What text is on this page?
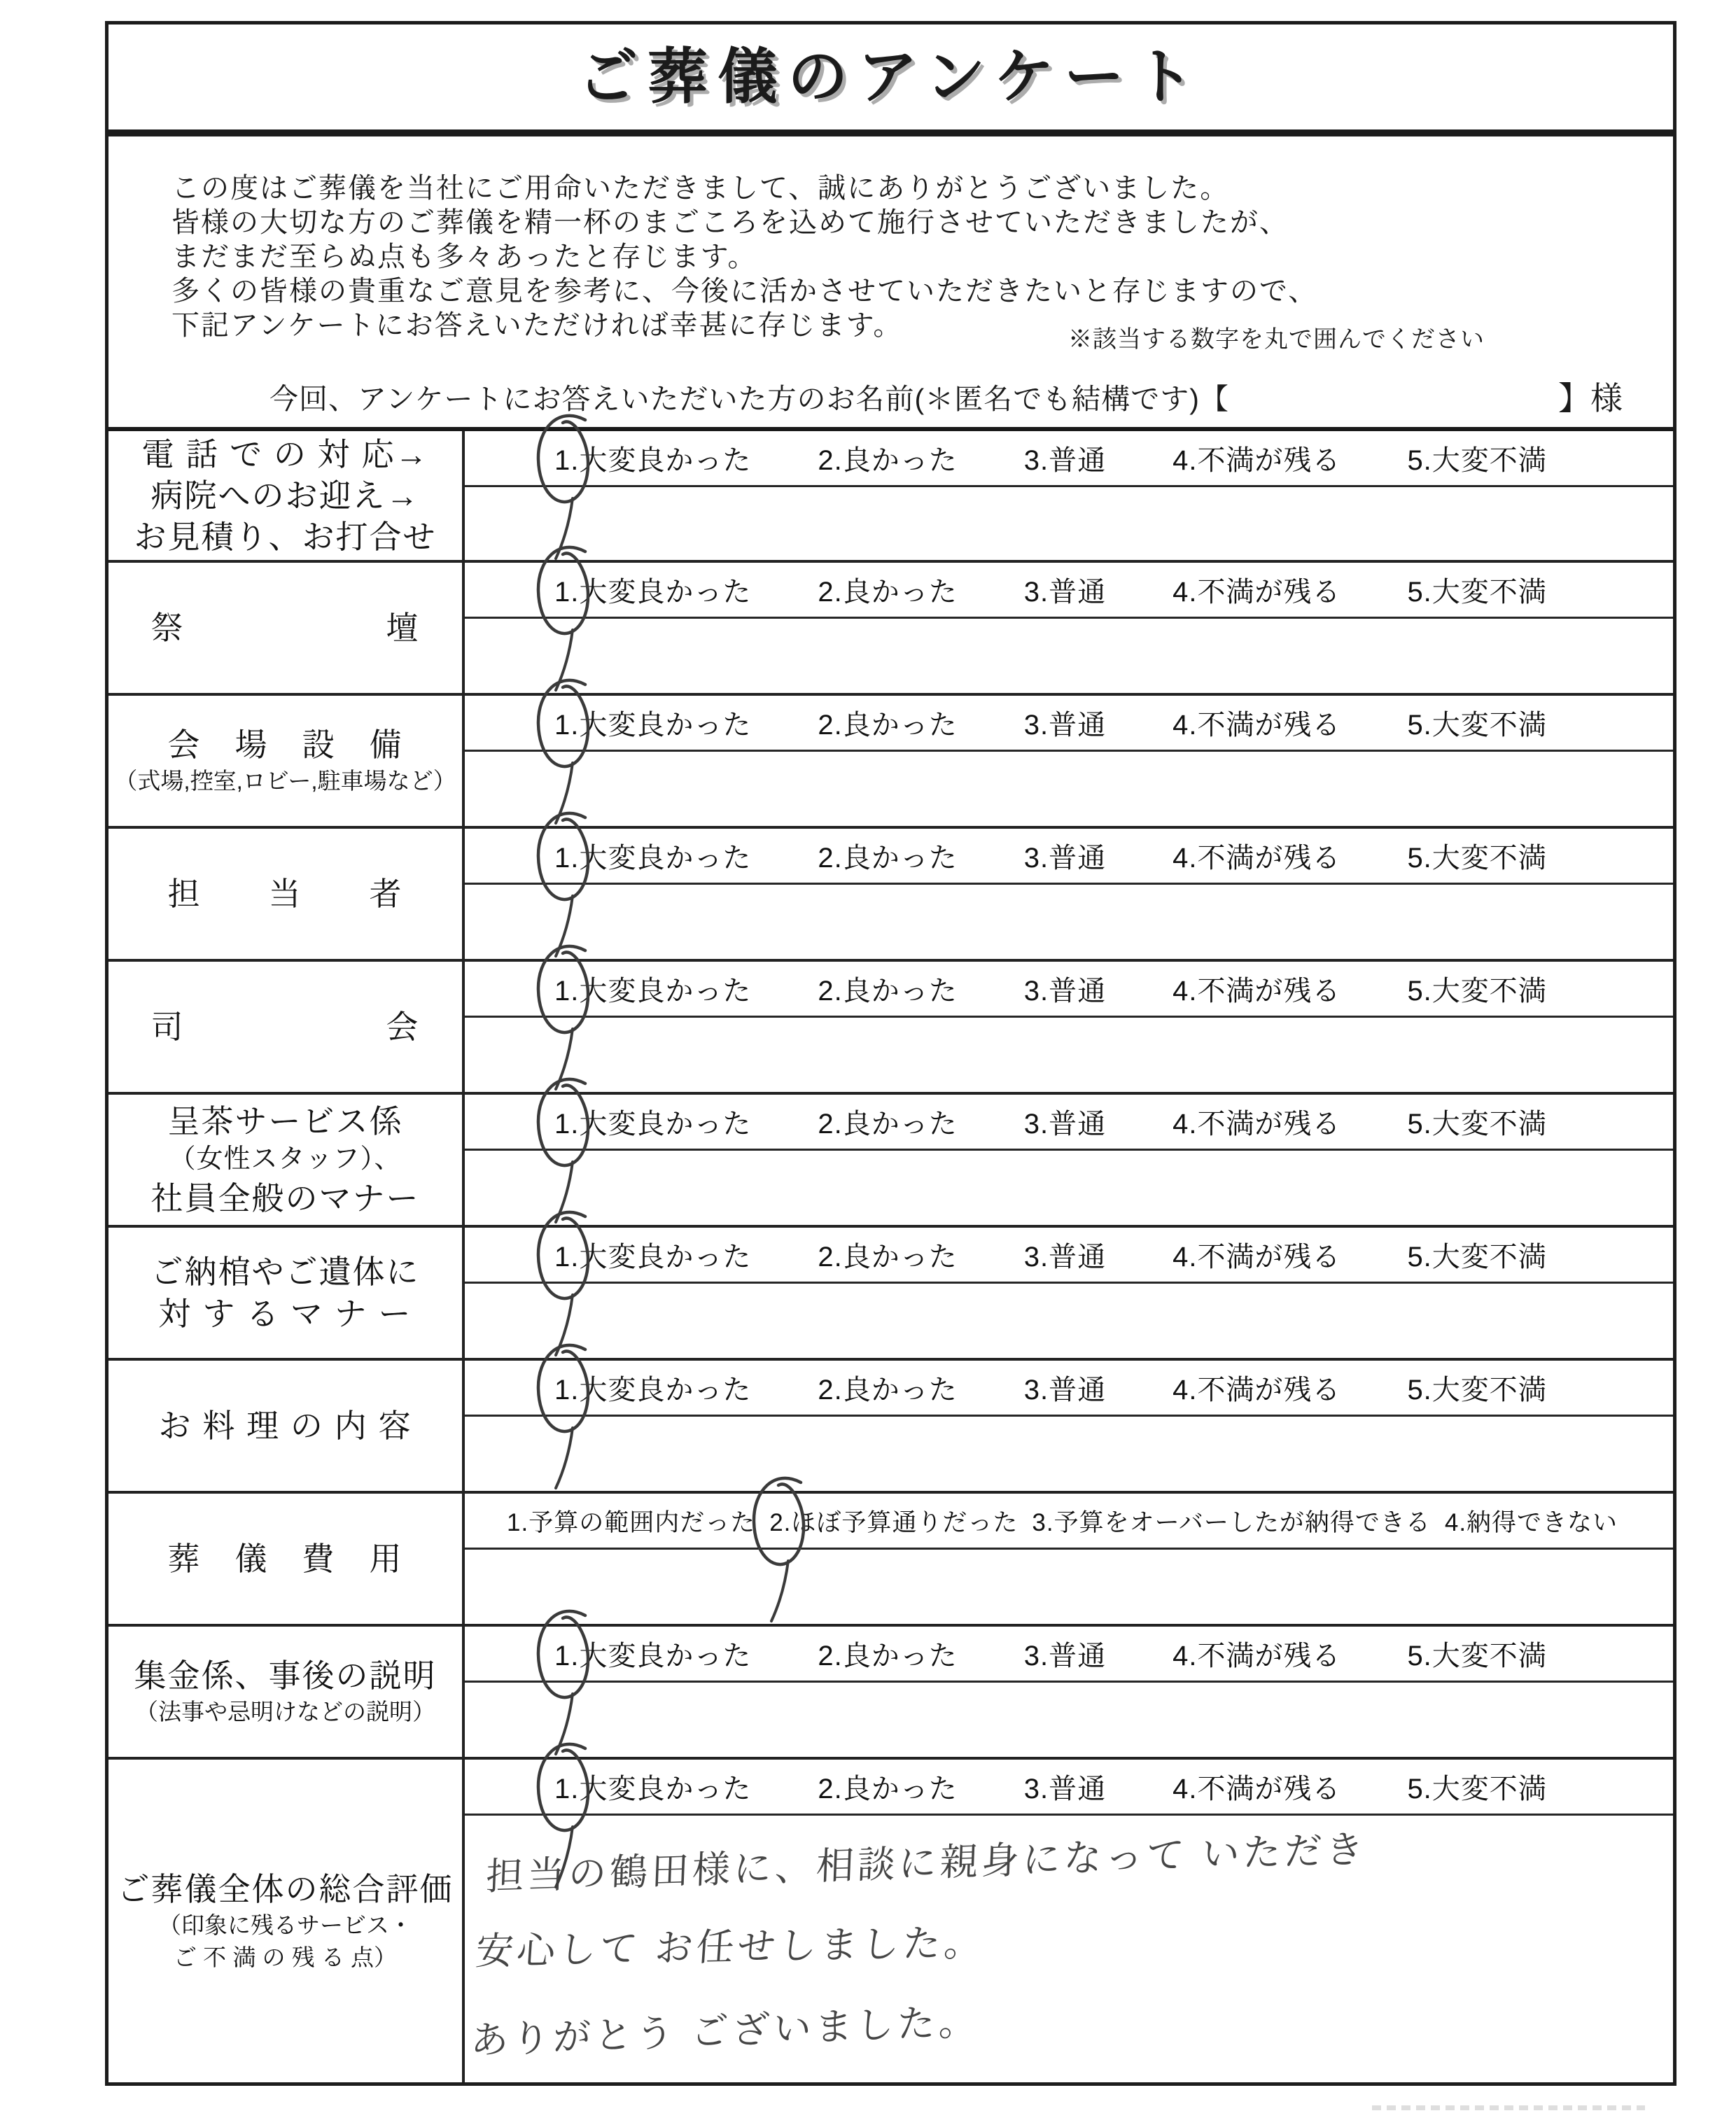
ご葬儀のアンケート
この度はご葬儀を当社にご用命いただきまして、誠にありがとうございました。
皆様の大切な方のご葬儀を精一杯のまごころを込めて施行させていただきましたが、
まだまだ至らぬ点も多々あったと存じます。
多くの皆様の貴重なご意見を参考に、今後に活かさせていただきたいと存じますので、
下記アンケートにお答えいただければ幸甚に存じます。	※該当する数字を丸で囲んでください
今回、アンケートにお答えいただいた方のお名前(＊匿名でも結構です)【	】様
電 話 で の 対 応→
病院へのお迎え→
お見積り、お打合せ
1.大変良かった 2.良かった 3.普通 4.不満が残る 5.大変不満
祭　　　　　　壇
1.大変良かった 2.良かった 3.普通 4.不満が残る 5.大変不満
会　場　設　備
（式場,控室,ロビー,駐車場など）
1.大変良かった 2.良かった 3.普通 4.不満が残る 5.大変不満
担　　当　　者
1.大変良かった 2.良かった 3.普通 4.不満が残る 5.大変不満
司　　　　　　会
1.大変良かった 2.良かった 3.普通 4.不満が残る 5.大変不満
呈茶サービス係
（女性スタッフ）、
社員全般のマナー
1.大変良かった 2.良かった 3.普通 4.不満が残る 5.大変不満
ご納棺やご遺体に
対 す る マ ナ ー
1.大変良かった 2.良かった 3.普通 4.不満が残る 5.大変不満
お 料 理 の 内 容
1.大変良かった 2.良かった 3.普通 4.不満が残る 5.大変不満
葬　儀　費　用
1.予算の範囲内だった 2.ほぼ予算通りだった 3.予算をオーバーしたが納得できる 4.納得できない
集金係、事後の説明
（法事や忌明けなどの説明）
1.大変良かった 2.良かった 3.普通 4.不満が残る 5.大変不満
ご葬儀全体の総合評価
（印象に残るサービス・
ご 不 満 の 残 る 点）
1.大変良かった 2.良かった 3.普通 4.不満が残る 5.大変不満
担当の鶴田様に、相談に親身になって いただき
安心して お任せしました。
ありがとう ございました。
